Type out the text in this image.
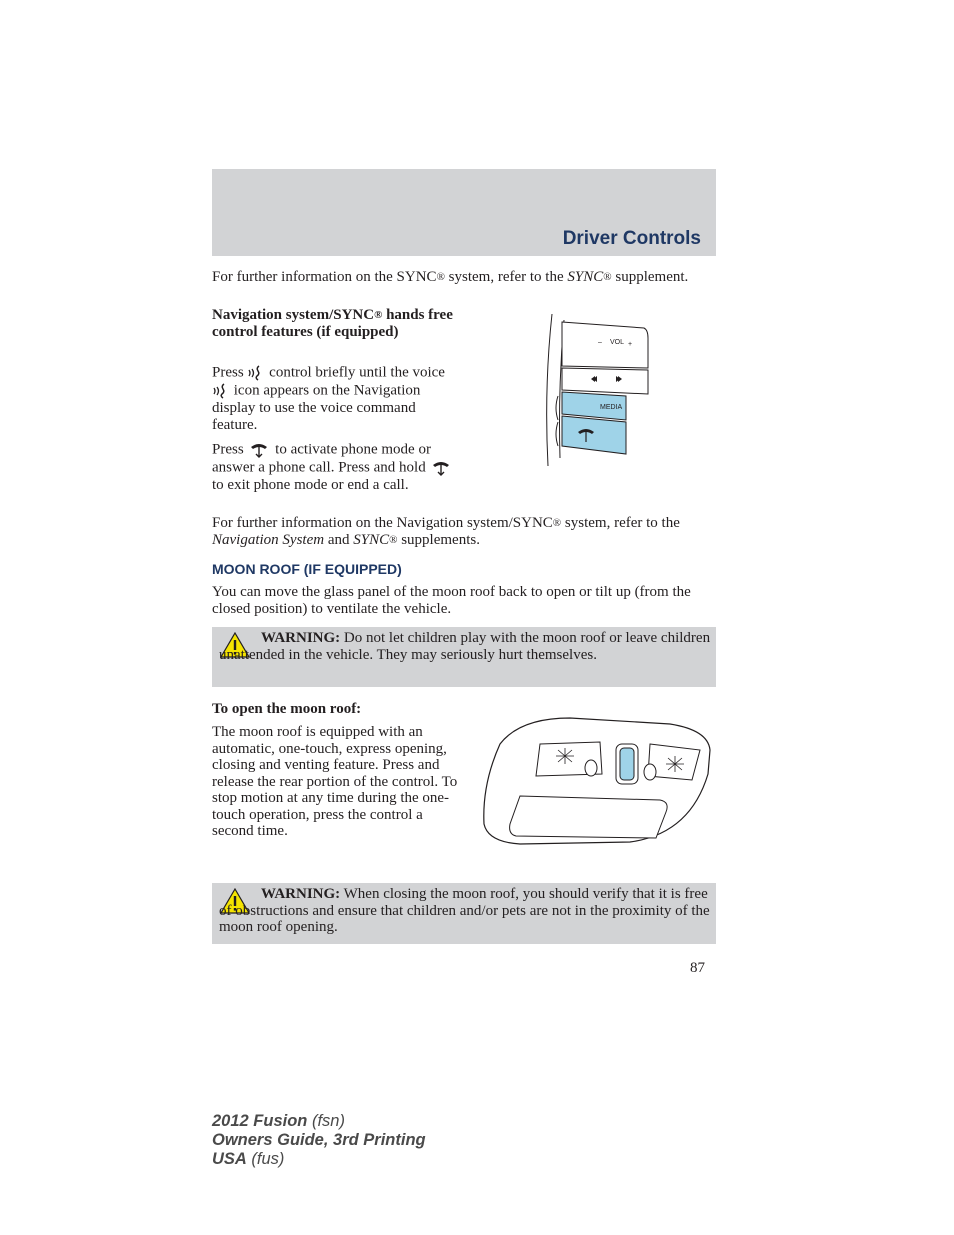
Driver Controls

For further information on the SYNC® system, refer to the SYNC® supplement.

Navigation system/SYNC® hands free control features (if equipped)

Press  control briefly until the voice  icon appears on the Navigation display to use the voice command feature.

Press  to activate phone mode or answer a phone call. Press and hold  to exit phone mode or end a call.

– VOL +
MEDIA

For further information on the Navigation system/SYNC® system, refer to the Navigation System and SYNC® supplements.

MOON ROOF (IF EQUIPPED)

You can move the glass panel of the moon roof back to open or tilt up (from the closed position) to ventilate the vehicle.

WARNING: Do not let children play with the moon roof or leave children unattended in the vehicle. They may seriously hurt themselves.

To open the moon roof:

The moon roof is equipped with an automatic, one-touch, express opening, closing and venting feature. Press and release the rear portion of the control. To stop motion at any time during the one-touch operation, press the control a second time.

WARNING: When closing the moon roof, you should verify that it is free of obstructions and ensure that children and/or pets are not in the proximity of the moon roof opening.
87
2012 Fusion (fsn)
Owners Guide, 3rd Printing
USA (fus)
